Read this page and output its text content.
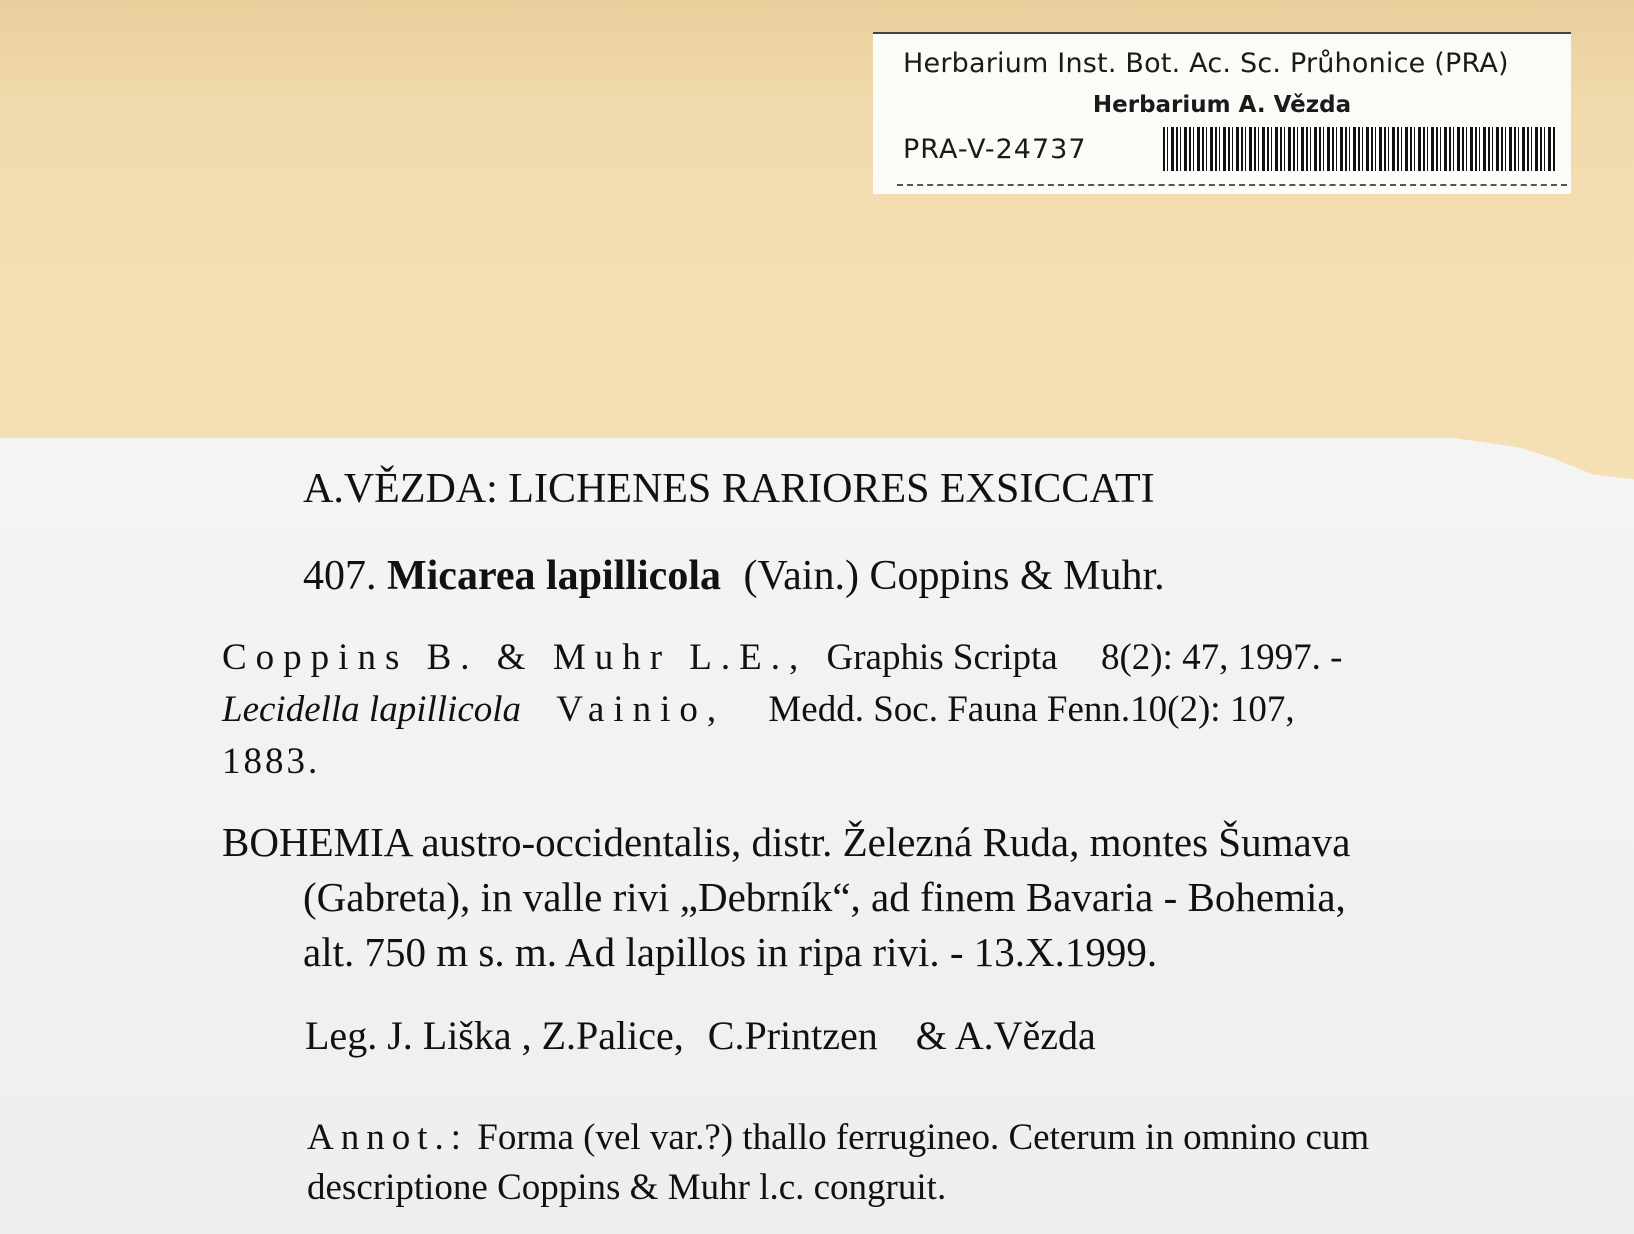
Herbarium Inst. Bot. Ac. Sc. Průhonice (PRA)
Herbarium A. Vězda
PRA-V-24737
A.VĚZDA: LICHENES RARIORES EXSICCATI
407. Micarea lapillicola (Vain.) Coppins & Muhr.
Coppins B. & Muhr L.E., Graphis Scripta 8(2): 47, 1997. -
Lecidella lapillicola Vainio, Medd. Soc. Fauna Fenn.10(2): 107,
1883.
BOHEMIA austro-occidentalis, distr. Železná Ruda, montes Šumava
(Gabreta), in valle rivi „Debrník“, ad finem Bavaria - Bohemia,
alt. 750 m s. m. Ad lapillos in ripa rivi. - 13.X.1999.
Leg. J. Liška , Z.Palice, C.Printzen & A.Vězda
Annot.: Forma (vel var.?) thallo ferrugineo. Ceterum in omnino cum
descriptione Coppins & Muhr l.c. congruit.
